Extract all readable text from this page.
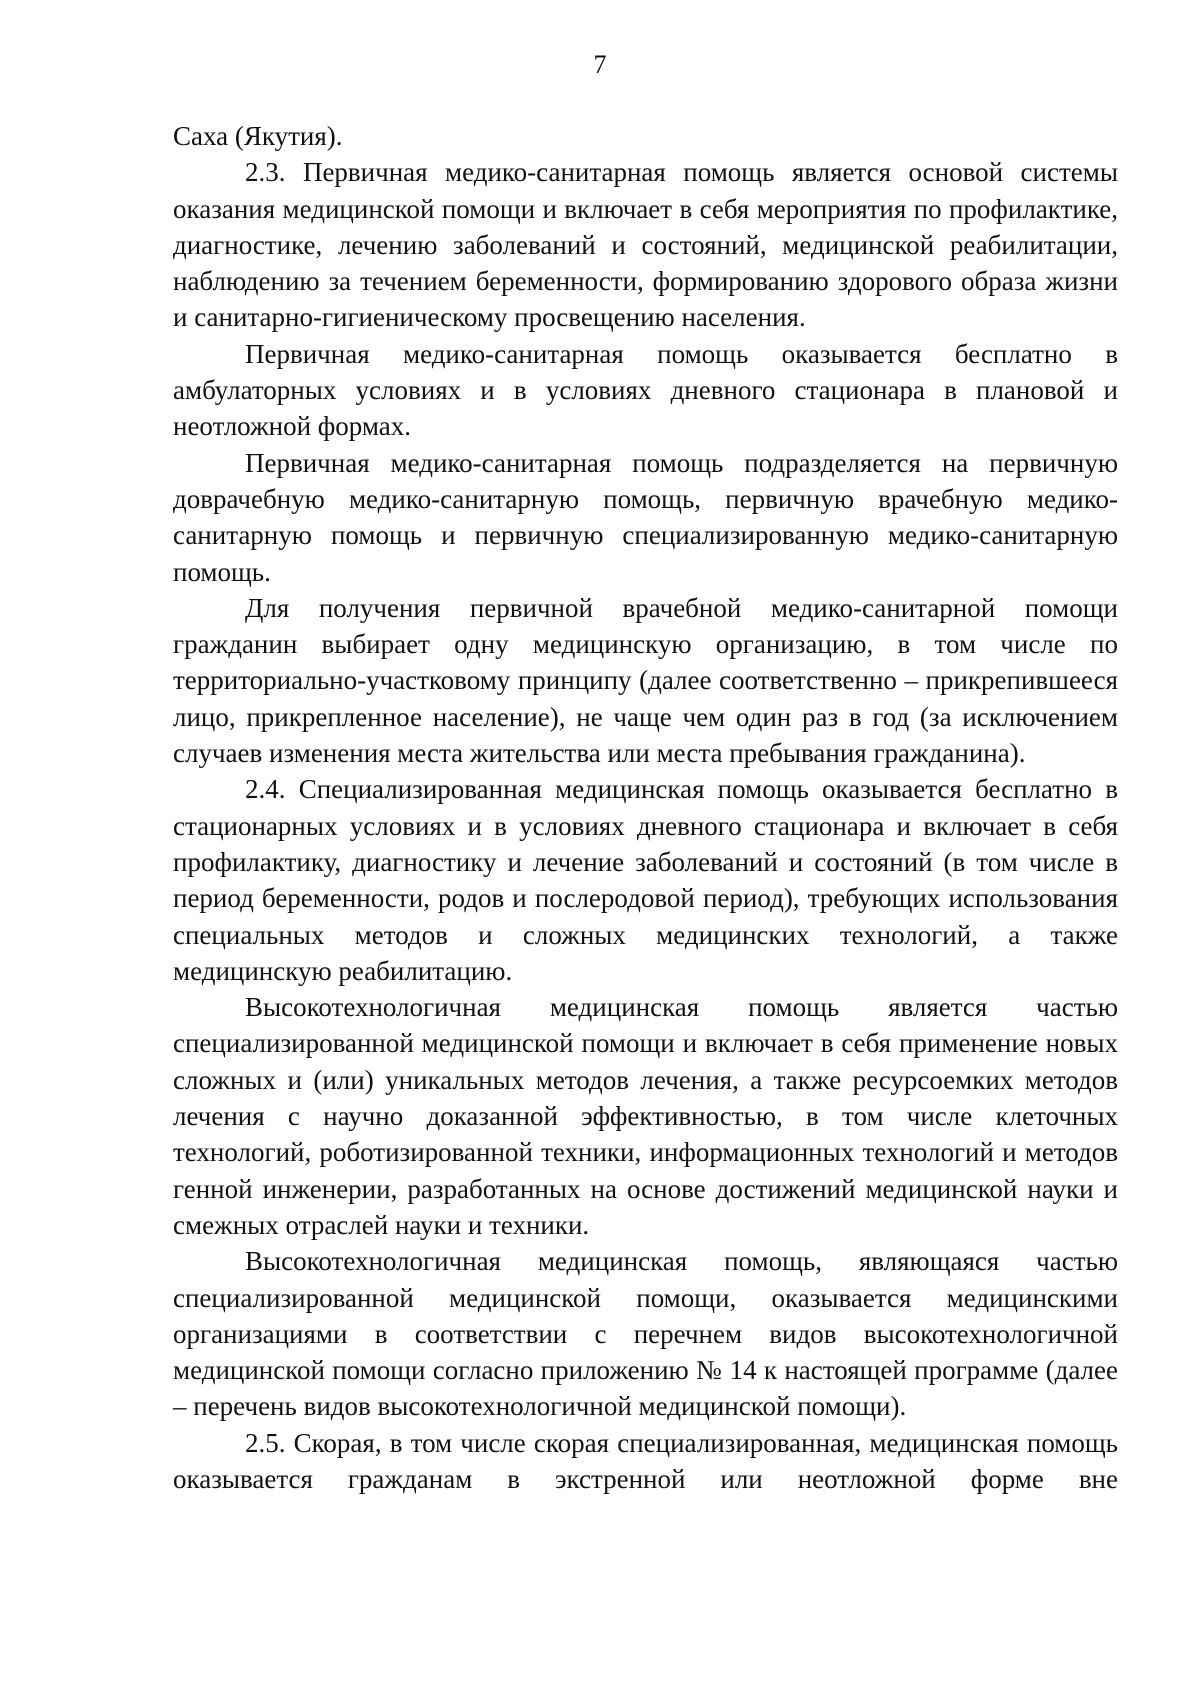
7

Саха (Якутия).

2.3. Первичная медико-санитарная помощь является основой системы оказания медицинской помощи и включает в себя мероприятия по профилактике, диагностике, лечению заболеваний и состояний, медицинской реабилитации, наблюдению за течением беременности, формированию здорового образа жизни и санитарно-гигиеническому просвещению населения.

Первичная медико-санитарная помощь оказывается бесплатно в амбулаторных условиях и в условиях дневного стационара в плановой и неотложной формах.

Первичная медико-санитарная помощь подразделяется на первичную доврачебную медико-санитарную помощь, первичную врачебную медико-санитарную помощь и первичную специализированную медико-санитарную помощь.

Для получения первичной врачебной медико-санитарной помощи гражданин выбирает одну медицинскую организацию, в том числе по территориально-участковому принципу (далее соответственно – прикрепившееся лицо, прикрепленное население), не чаще чем один раз в год (за исключением случаев изменения места жительства или места пребывания гражданина).

2.4. Специализированная медицинская помощь оказывается бесплатно в стационарных условиях и в условиях дневного стационара и включает в себя профилактику, диагностику и лечение заболеваний и состояний (в том числе в период беременности, родов и послеродовой период), требующих использования специальных методов и сложных медицинских технологий, а также медицинскую реабилитацию.

Высокотехнологичная медицинская помощь является частью специализированной медицинской помощи и включает в себя применение новых сложных и (или) уникальных методов лечения, а также ресурсоемких методов лечения с научно доказанной эффективностью, в том числе клеточных технологий, роботизированной техники, информационных технологий и методов генной инженерии, разработанных на основе достижений медицинской науки и смежных отраслей науки и техники.

Высокотехнологичная медицинская помощь, являющаяся частью специализированной медицинской помощи, оказывается медицинскими организациями в соответствии с перечнем видов высокотехнологичной медицинской помощи согласно приложению № 14 к настоящей программе (далее – перечень видов высокотехнологичной медицинской помощи).

2.5. Скорая, в том числе скорая специализированная, медицинская помощь оказывается гражданам в экстренной или неотложной форме вне
